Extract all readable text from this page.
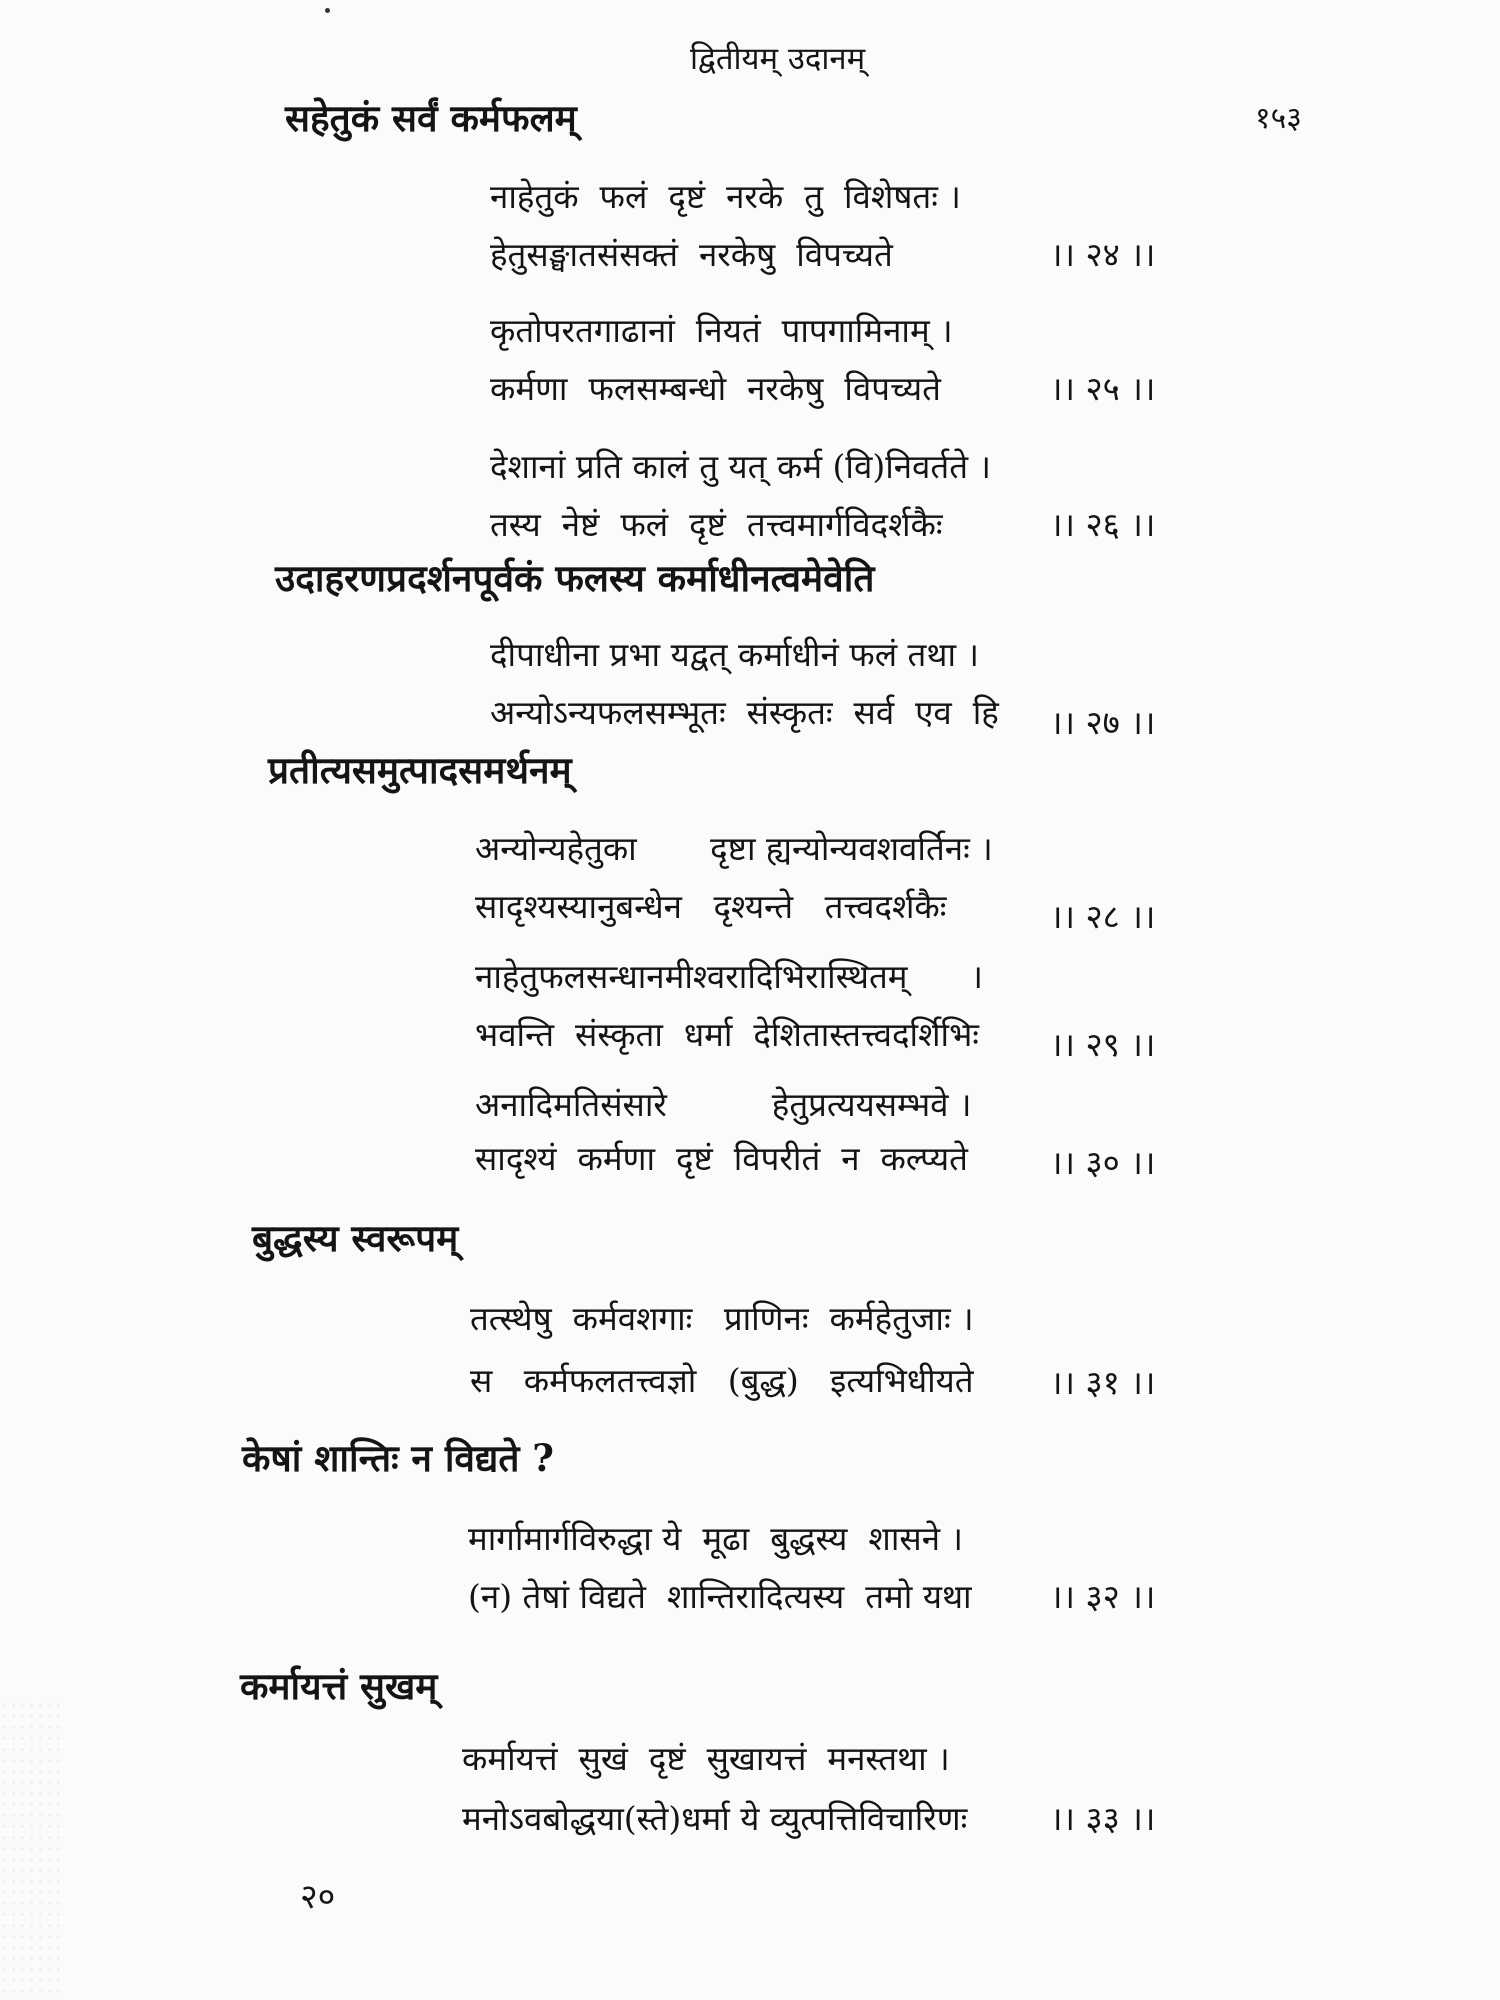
द्वितीयम् उदानम्
१५३
सहेतुकं सर्वं कर्मफलम्
नाहेतुकं  फलं  दृष्टं  नरके  तु  विशेषतः ।
हेतुसङ्घातसंसक्तं  नरकेषु  विपच्यते	।। २४ ।।
कृतोपरतगाढानां  नियतं  पापगामिनाम् ।
कर्मणा  फलसम्बन्धो  नरकेषु  विपच्यते	।। २५ ।।
देशानां प्रति कालं तु यत् कर्म (वि)निवर्तते ।
तस्य  नेष्टं  फलं  दृष्टं  तत्त्वमार्गविदर्शकैः	।। २६ ।।
उदाहरणप्रदर्शनपूर्वकं फलस्य कर्माधीनत्वमेवेति
दीपाधीना प्रभा यद्वत् कर्माधीनं फलं तथा ।
अन्योऽन्यफलसम्भूतः  संस्कृतः  सर्व  एव  हि ।। २७ ।।
प्रतीत्यसमुत्पादसमर्थनम्
अन्योन्यहेतुका       दृष्टा ह्यन्योन्यवशवर्तिनः ।
सादृश्यस्यानुबन्धेन   दृश्यन्ते   तत्त्वदर्शकैः	।। २८ ।।
नाहेतुफलसन्धानमीश्वरादिभिरास्थितम्      ।
भवन्ति  संस्कृता  धर्मा  देशितास्तत्त्वदर्शिभिः ।। २९ ।।
अनादिमतिसंसारे          हेतुप्रत्ययसम्भवे ।
सादृश्यं  कर्मणा  दृष्टं  विपरीतं  न  कल्प्यते ।। ३० ।।
बुद्धस्य स्वरूपम्
तत्स्थेषु  कर्मवशगाः   प्राणिनः  कर्महेतुजाः ।
स   कर्मफलतत्त्वज्ञो   (बुद्ध)   इत्यभिधीयते ।। ३१ ।।
केषां शान्तिः न विद्यते ?
मार्गामार्गविरुद्धा ये  मूढा  बुद्धस्य  शासने ।
(न) तेषां विद्यते  शान्तिरादित्यस्य  तमो यथा ।। ३२ ।।
कर्मायत्तं सुखम्
कर्मायत्तं  सुखं  दृष्टं  सुखायत्तं  मनस्तथा ।
मनोऽवबोद्धया(स्ते)धर्मा ये व्युत्पत्तिविचारिणः	।। ३३ ।।
२०
